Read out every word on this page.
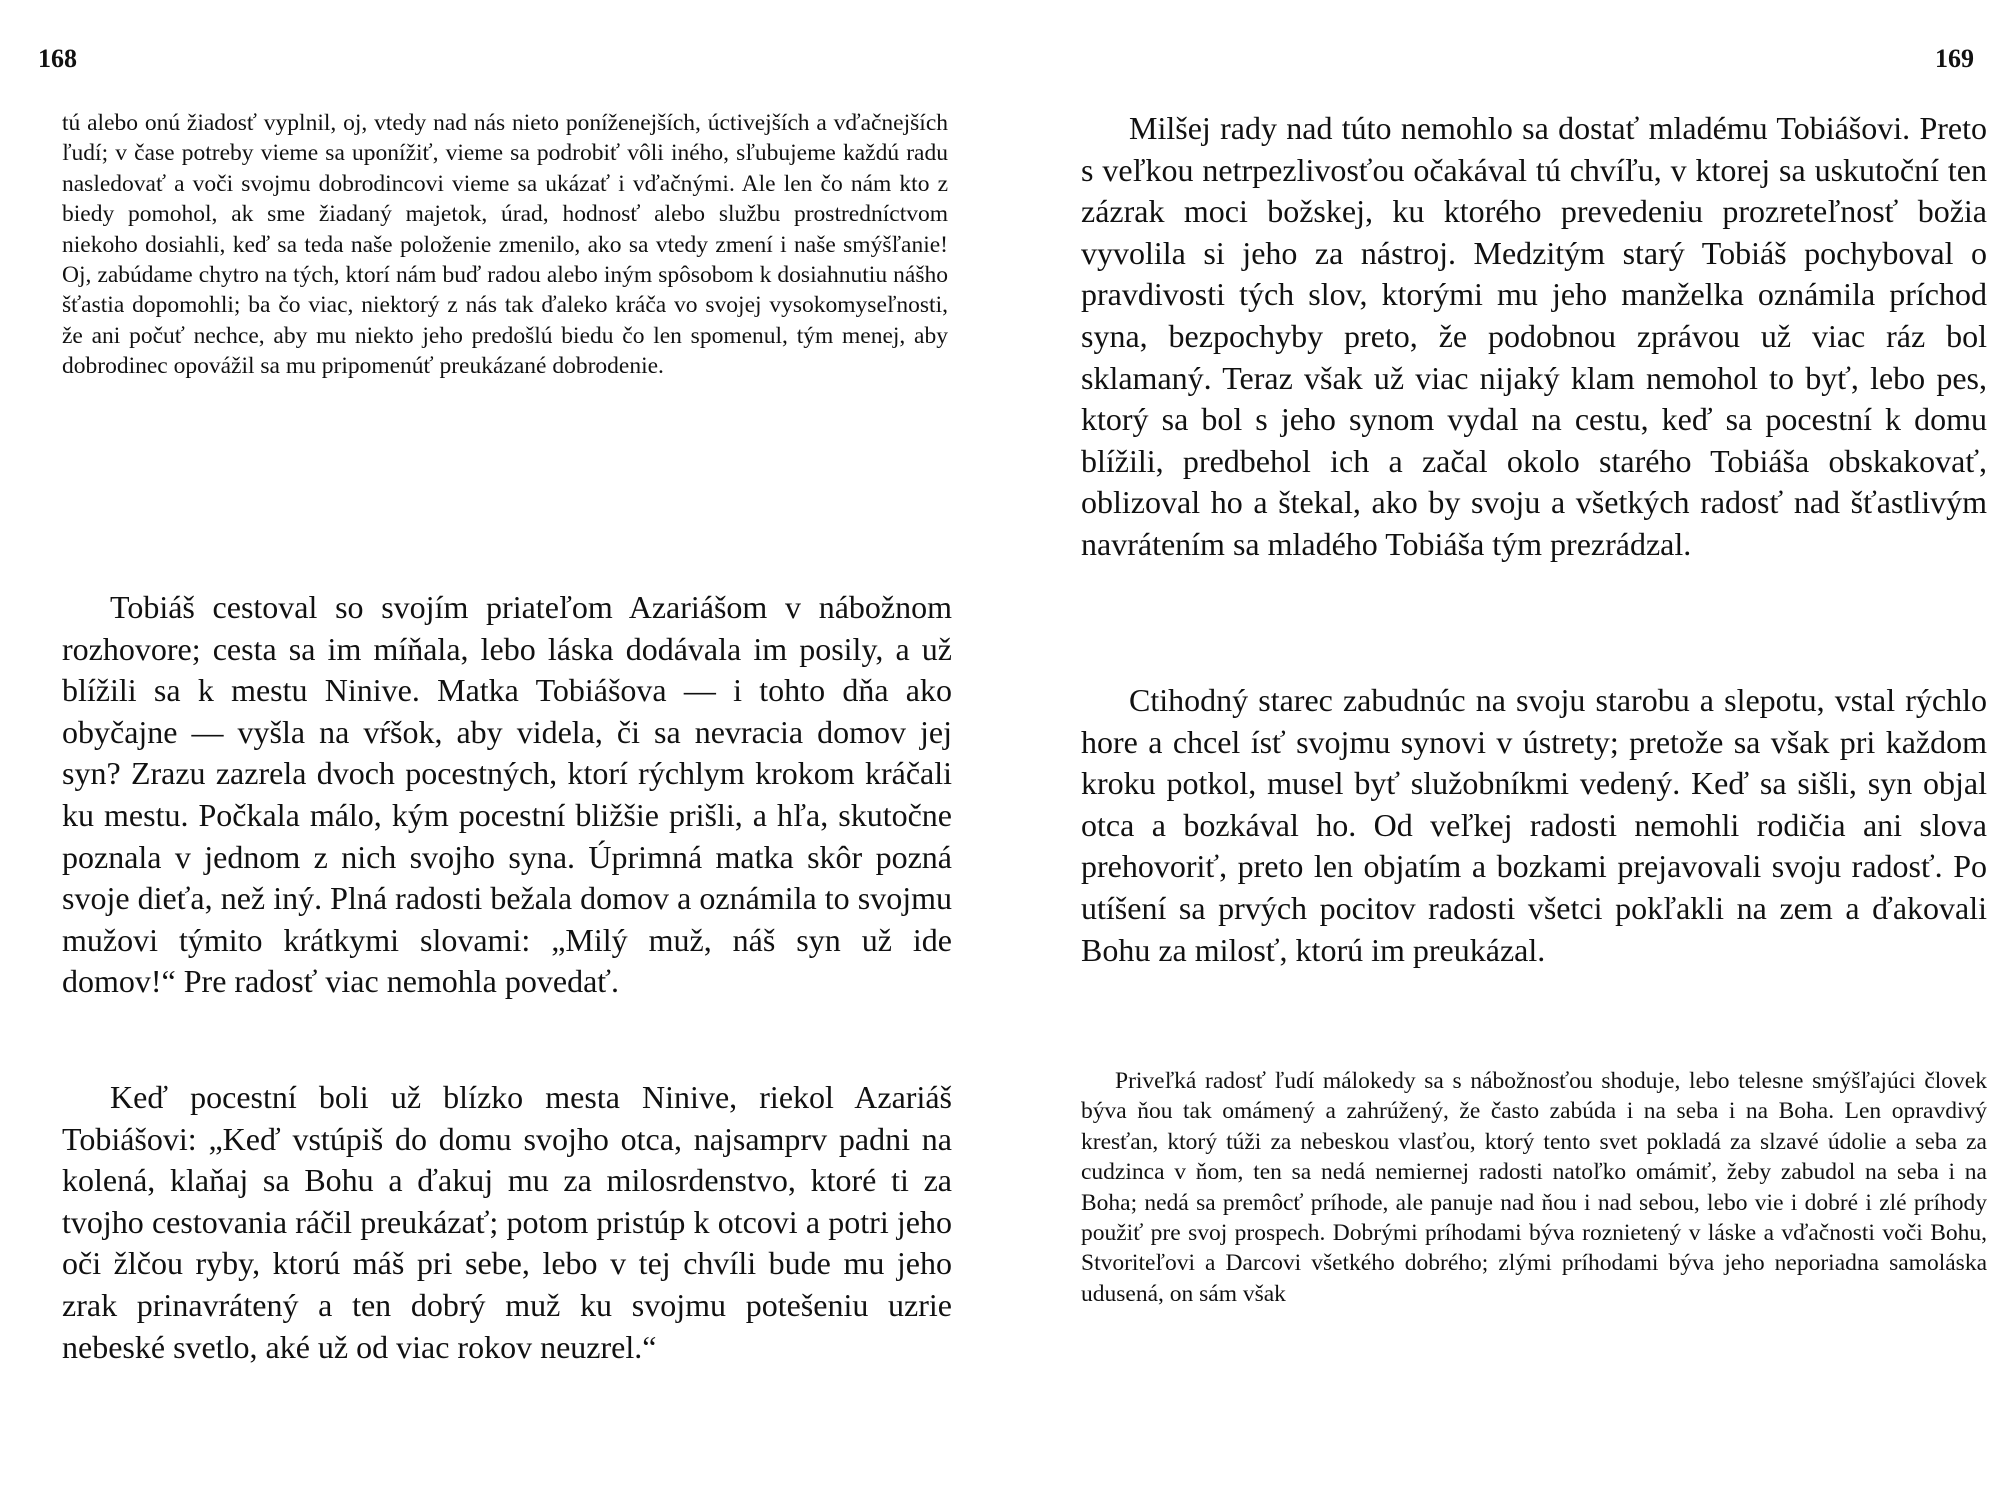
168

tú alebo onú žiadosť vyplnil, oj, vtedy nad nás nieto poníženejších, úctivejších a vďačnejších ľudí; v čase potreby vieme sa uponížiť, vieme sa podrobiť vôli iného, sľubujeme každú radu nasledovať a voči svojmu dobrodincovi vieme sa ukázať i vďačnými. Ale len čo nám kto z biedy pomohol, ak sme žiadaný majetok, úrad, hodnosť alebo službu prostredníctvom niekoho dosiahli, keď sa teda naše položenie zmenilo, ako sa vtedy zmení i naše smýšľanie! Oj, zabúdame chytro na tých, ktorí nám buď radou alebo iným spôsobom k dosiahnutiu nášho šťastia dopomohli; ba čo viac, niektorý z nás tak ďaleko kráča vo svojej vysokomyseľnosti, že ani počuť nechce, aby mu niekto jeho predošlú biedu čo len spomenul, tým menej, aby dobrodinec opovážil sa mu pripomenúť preukázané dobrodenie.

Tobiáš cestoval so svojím priateľom Azariášom v nábožnom rozhovore; cesta sa im míňala, lebo láska dodávala im posily, a už blížili sa k mestu Ninive. Matka Tobiášova — i tohto dňa ako obyčajne — vyšla na vŕšok, aby videla, či sa nevracia domov jej syn? Zrazu zazrela dvoch pocestných, ktorí rýchlym krokom kráčali ku mestu. Počkala málo, kým pocestní bližšie prišli, a hľa, skutočne poznala v jednom z nich svojho syna. Úprimná matka skôr pozná svoje dieťa, než iný. Plná radosti bežala domov a oznámila to svojmu mužovi týmito krátkymi slovami: „Milý muž, náš syn už ide domov!“ Pre radosť viac nemohla povedať.

Keď pocestní boli už blízko mesta Ninive, riekol Azariáš Tobiášovi: „Keď vstúpiš do domu svojho otca, najsamprv padni na kolená, klaňaj sa Bohu a ďakuj mu za milosrdenstvo, ktoré ti za tvojho cestovania ráčil preukázať; potom pristúp k otcovi a potri jeho oči žlčou ryby, ktorú máš pri sebe, lebo v tej chvíli bude mu jeho zrak prinavrátený a ten dobrý muž ku svojmu potešeniu uzrie nebeské svetlo, aké už od viac rokov neuzrel.“

169

Milšej rady nad túto nemohlo sa dostať mladému Tobiášovi. Preto s veľkou netrpezlivosťou očakával tú chvíľu, v ktorej sa uskutoční ten zázrak moci božskej, ku ktorého prevedeniu prozreteľnosť božia vyvolila si jeho za nástroj. Medzitým starý Tobiáš pochyboval o pravdivosti tých slov, ktorými mu jeho manželka oznámila príchod syna, bezpochyby preto, že podobnou zprávou už viac ráz bol sklamaný. Teraz však už viac nijaký klam nemohol to byť, lebo pes, ktorý sa bol s jeho synom vydal na cestu, keď sa pocestní k domu blížili, predbehol ich a začal okolo starého Tobiáša obskakovať, oblizoval ho a štekal, ako by svoju a všetkých radosť nad šťastlivým navrátením sa mladého Tobiáša tým prezrádzal.

Ctihodný starec zabudnúc na svoju starobu a slepotu, vstal rýchlo hore a chcel ísť svojmu synovi v ústrety; pretože sa však pri každom kroku potkol, musel byť služobníkmi vedený. Keď sa sišli, syn objal otca a bozkával ho. Od veľkej radosti nemohli rodičia ani slova prehovoriť, preto len objatím a bozkami prejavovali svoju radosť. Po utíšení sa prvých pocitov radosti všetci pokľakli na zem a ďakovali Bohu za milosť, ktorú im preukázal.

Priveľká radosť ľudí málokedy sa s nábožnosťou shoduje, lebo telesne smýšľajúci človek býva ňou tak omámený a zahrúžený, že často zabúda i na seba i na Boha. Len opravdivý kresťan, ktorý túži za nebeskou vlasťou, ktorý tento svet pokladá za slzavé údolie a seba za cudzinca v ňom, ten sa nedá nemiernej radosti natoľko omámiť, žeby zabudol na seba i na Boha; nedá sa premôcť príhode, ale panuje nad ňou i nad sebou, lebo vie i dobré i zlé príhody použiť pre svoj prospech. Dobrými príhodami býva roznietený v láske a vďačnosti voči Bohu, Stvoriteľovi a Darcovi všetkého dobrého; zlými príhodami býva jeho neporiadna samoláska udusená, on sám však
